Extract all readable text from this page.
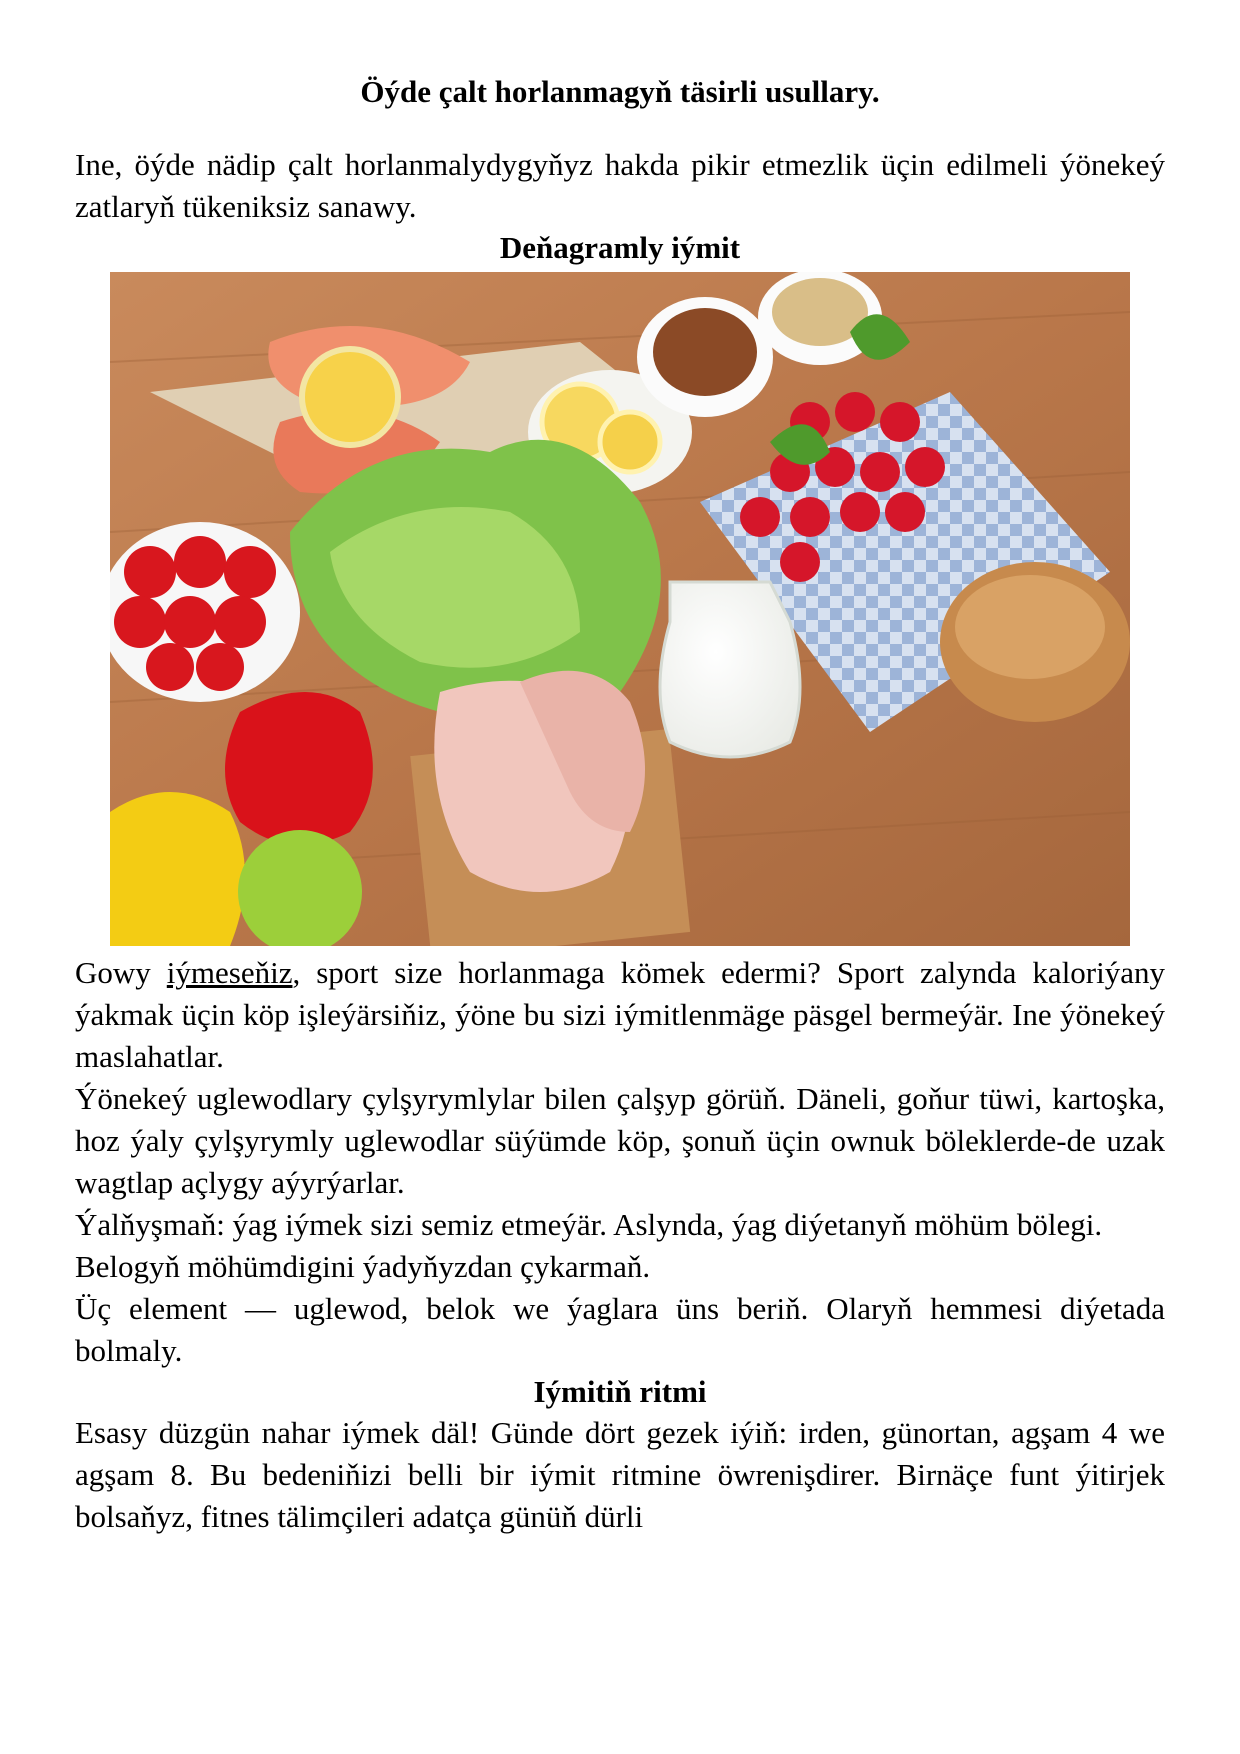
Öýde çalt horlanmagyň täsirli usullary.

Ine, öýde nädip çalt horlanmalydygyňyz hakda pikir etmezlik üçin edilmeli ýönekeý zatlaryň tükeniksiz sanawy.

Deňagramly iýmit

Gowy iýmeseňiz, sport size horlanmaga kömek edermi? Sport zalynda kaloriýany ýakmak üçin köp işleýärsiňiz, ýöne bu sizi iýmitlenmäge päsgel bermeýär. Ine ýönekeý maslahatlar.

Ýönekeý uglewodlary çylşyrymlylar bilen çalşyp görüň. Däneli, goňur tüwi, kartoşka, hoz ýaly çylşyrymly uglewodlar süýümde köp, şonuň üçin ownuk böleklerde-de uzak wagtlap açlygy aýyrýarlar.

Ýalňyşmaň: ýag iýmek sizi semiz etmeýär. Aslynda, ýag diýetanyň möhüm bölegi.

Belogyň möhümdigini ýadyňyzdan çykarmaň.

Üç element — uglewod, belok we ýaglara üns beriň. Olaryň hemmesi diýetada bolmaly.

Iýmitiň ritmi

Esasy düzgün nahar iýmek däl! Günde dört gezek iýiň: irden, günortan, agşam 4 we agşam 8. Bu bedeniňizi belli bir iýmit ritmine öwrenişdirer. Birnäçe funt ýitirjek bolsaňyz, fitnes tälimçileri adatça günüň dürli
